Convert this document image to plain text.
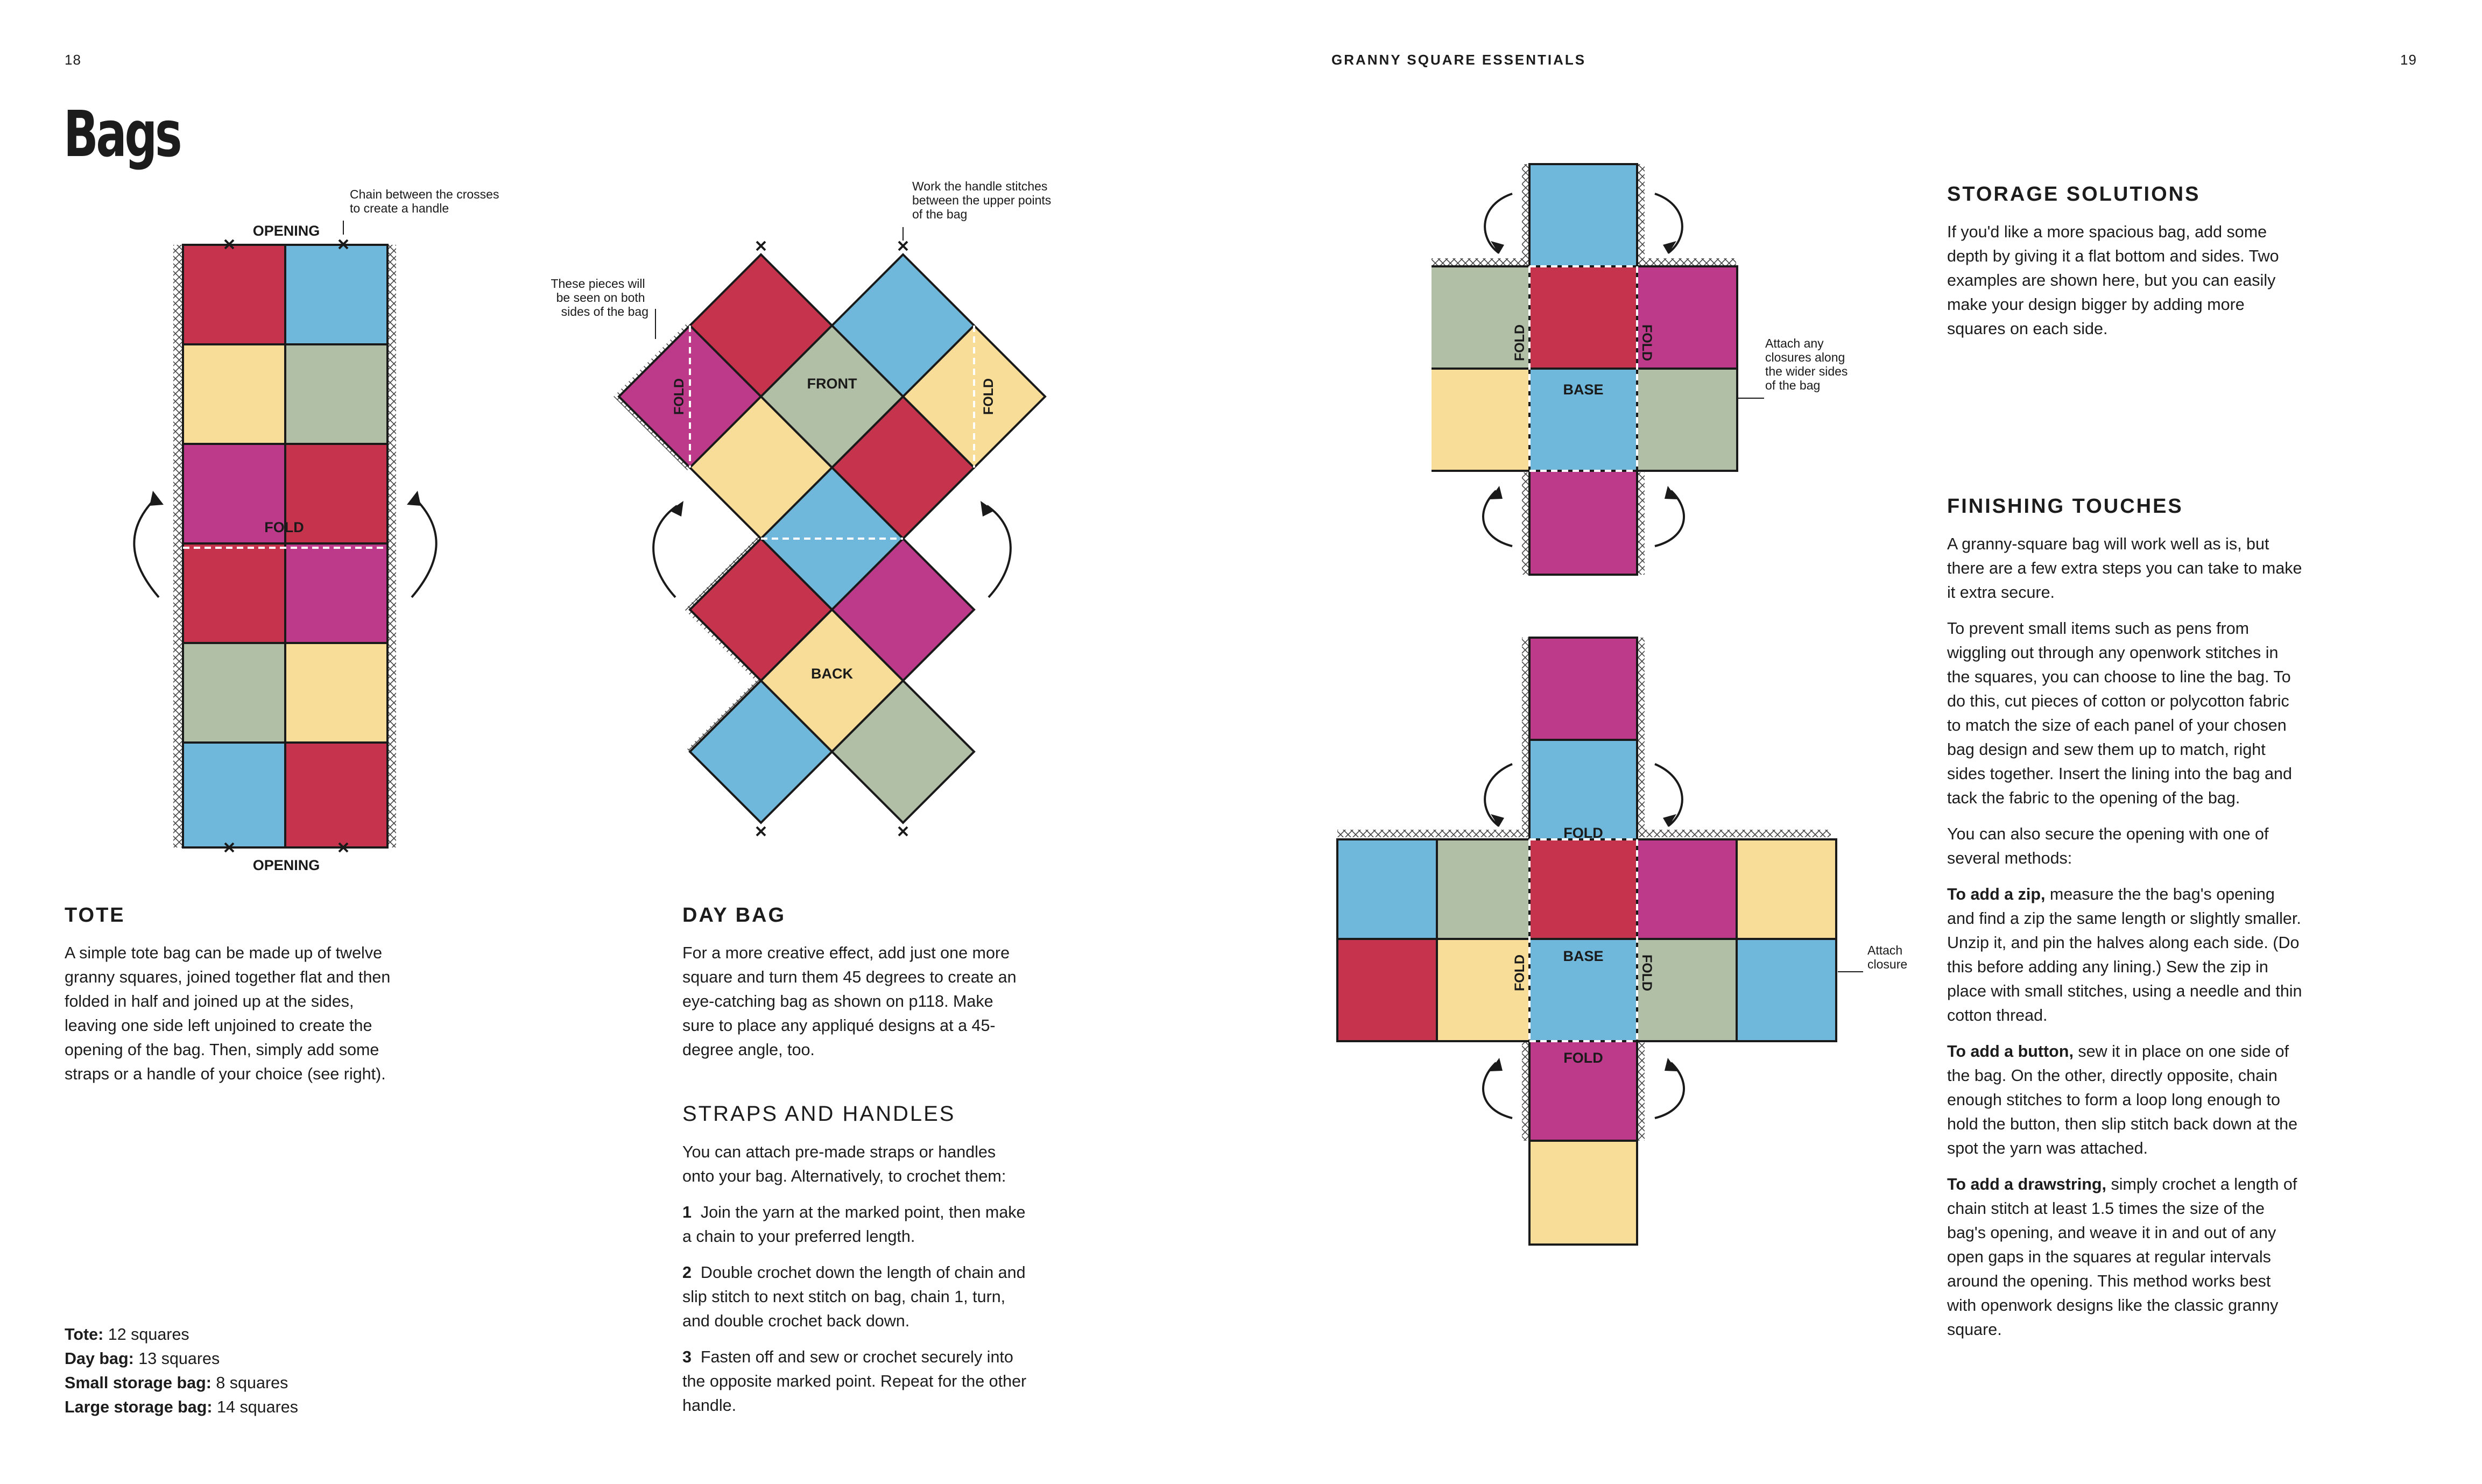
18	GRANNY SQUARE ESSENTIALS	19
Bags
FOLD
OPENING
OPENING
Chain between the crosses to create a handle
FRONT
BACK
FOLD	FOLD
Work the handle stitches between the upper points of the bag
These pieces will be seen on both sides of the bag
BASE
FOLD	FOLD	Attach any closures along the wider sides of the bag
FOLD
BASE
FOLD
FOLD	FOLD
Attach closure
TOTE
A simple tote bag can be made up of twelve granny squares, joined together flat and then folded in half and joined up at the sides, leaving one side left unjoined to create the opening of the bag. Then, simply add some straps or a handle of your choice (see right).
Tote: 12 squares
Day bag: 13 squares
Small storage bag: 8 squares
Large storage bag: 14 squares
DAY BAG
For a more creative effect, add just one more square and turn them 45 degrees to create an eye-catching bag as shown on p118. Make sure to place any appliqué designs at a 45-degree angle, too.
STRAPS AND HANDLES

You can attach pre-made straps or handles onto your bag. Alternatively, to crochet them:

1 Join the yarn at the marked point, then make a chain to your preferred length.

2 Double crochet down the length of chain and slip stitch to next stitch on bag, chain 1, turn, and double crochet back down.

3 Fasten off and sew or crochet securely into the opposite marked point. Repeat for the other handle.

STORAGE SOLUTIONS
If you'd like a more spacious bag, add some depth by giving it a flat bottom and sides. Two examples are shown here, but you can easily make your design bigger by adding more squares on each side.
FINISHING TOUCHES

A granny-square bag will work well as is, but there are a few extra steps you can take to make it extra secure.

To prevent small items such as pens from wiggling out through any openwork stitches in the squares, you can choose to line the bag. To do this, cut pieces of cotton or polycotton fabric to match the size of each panel of your chosen bag design and sew them up to match, right sides together. Insert the lining into the bag and tack the fabric to the opening of the bag.

You can also secure the opening with one of several methods:

To add a zip, measure the the bag's opening and find a zip the same length or slightly smaller. Unzip it, and pin the halves along each side. (Do this before adding any lining.) Sew the zip in place with small stitches, using a needle and thin cotton thread.

To add a button, sew it in place on one side of the bag. On the other, directly opposite, chain enough stitches to form a loop long enough to hold the button, then slip stitch back down at the spot the yarn was attached.

To add a drawstring, simply crochet a length of chain stitch at least 1.5 times the size of the bag's opening, and weave it in and out of any open gaps in the squares at regular intervals around the opening. This method works best with openwork designs like the classic granny square.
